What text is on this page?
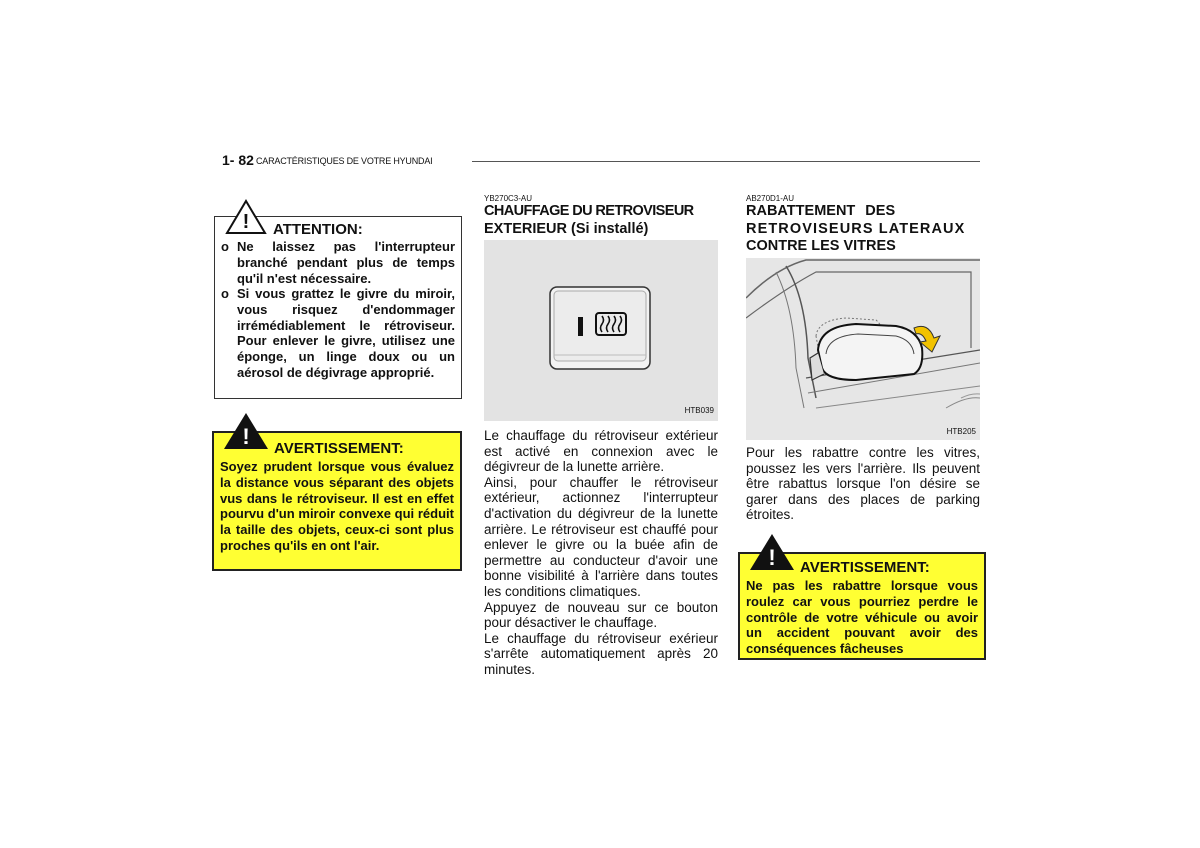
1- 82 CARACTÉRISTIQUES DE VOTRE HYUNDAI
! ATTENTION:
o Ne laissez pas l'interrupteur branché pendant plus de temps qu'il n'est nécessaire.
o Si vous grattez le givre du miroir, vous risquez d'endommager irrémédiablement le rétroviseur. Pour enlever le givre, utilisez une éponge, un linge doux ou un aérosol de dégivrage approprié.
! AVERTISSEMENT:
Soyez prudent lorsque vous évaluez la distance vous séparant des objets vus dans le rétroviseur. Il est en effet pourvu d'un miroir convexe qui réduit la taille des objets, ceux-ci sont plus proches qu'ils en ont l'air.
YB270C3-AU
CHAUFFAGE DU RETROVISEUR
EXTERIEUR (Si installé)
HTB039

Le chauffage du rétroviseur extérieur est activé en connexion avec le dégivreur de la lunette arrière.

Ainsi, pour chauffer le rétroviseur extérieur, actionnez l'interrupteur d'activation du dégivreur de la lunette arrière. Le rétroviseur est chauffé pour enlever le givre ou la buée afin de permettre au conducteur d'avoir une bonne visibilité à l'arrière dans toutes les conditions climatiques.

Appuyez de nouveau sur ce bouton pour désactiver le chauffage.

Le chauffage du rétroviseur exérieur s'arrête automatiquement après 20 minutes.

AB270D1-AU
RABATTEMENT DES
RETROVISEURS LATERAUX
CONTRE LES VITRES
HTB205

Pour les rabattre contre les vitres, poussez les vers l'arrière. Ils peuvent être rabattus lorsque l'on désire se garer dans des places de parking étroites.

! AVERTISSEMENT:
Ne pas les rabattre lorsque vous roulez car vous pourriez perdre le contrôle de votre véhicule ou avoir un accident pouvant avoir des conséquences fâcheuses
